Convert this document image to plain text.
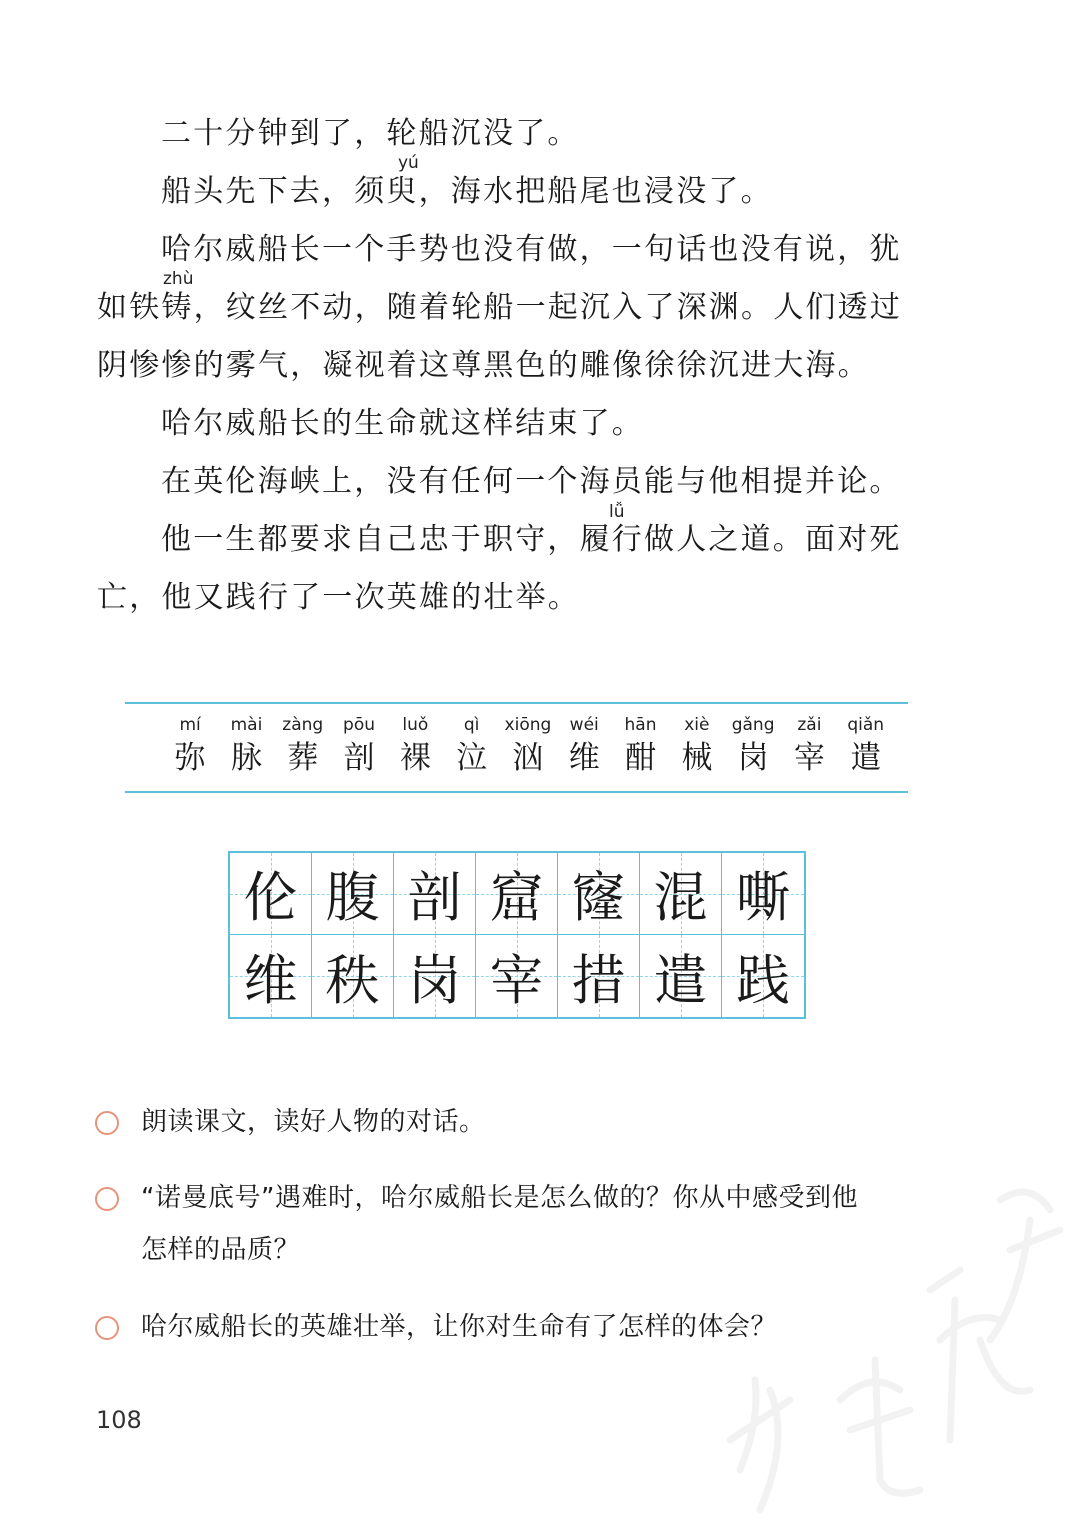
二十分钟到了，轮船沉没了。
yú
船头先下去，须臾，海水把船尾也浸没了。
哈尔威船长一个手势也没有做，一句话也没有说，犹
如铁铸，纹丝不动，随着轮船一起沉入了深渊。人们透过
阴惨惨的雾气，凝视着这尊黑色的雕像徐徐沉进大海。
zhù
哈尔威船长的生命就这样结束了。
在英伦海峡上，没有任何一个海员能与他相提并论。
lǚ
他一生都要求自己忠于职守，履行做人之道。面对死
亡，他又践行了一次英雄的壮举。
mí
弥
mài
脉
zàng
葬
pōu
剖
luǒ
裸
qì
泣
xiōng
汹
wéi
维
hān
酣
xiè
械
gǎng
岗
zǎi
宰
qiǎn
遣
伦 腹 剖 窟 窿 混 嘶
维 秩 岗 宰 措 遣 践
朗读课文，读好人物的对话。
“诺曼底号”遇难时，哈尔威船长是怎么做的？你从中感受到他
怎样的品质？
哈尔威船长的英雄壮举，让你对生命有了怎样的体会？
108
